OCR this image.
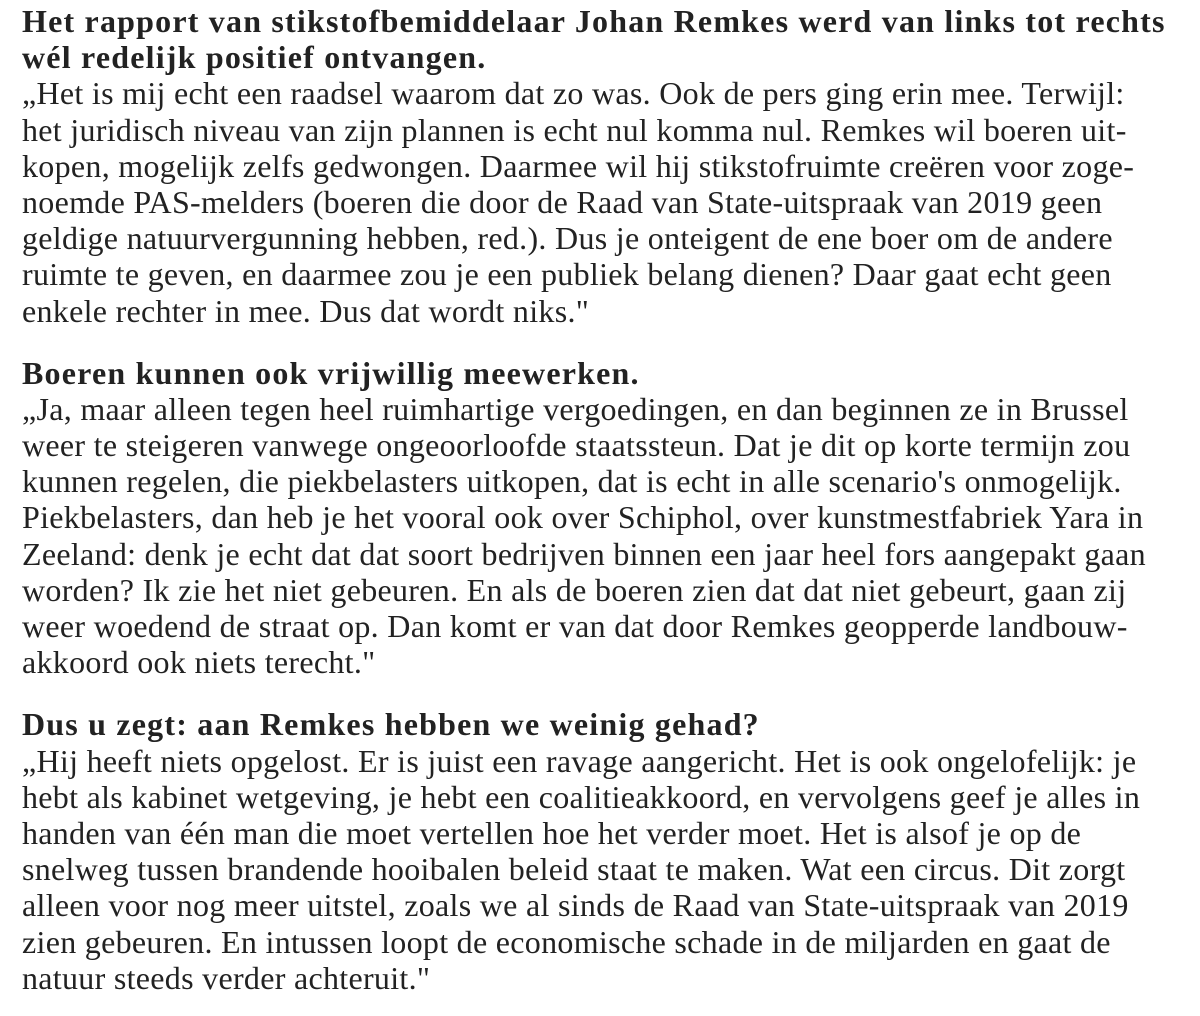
Het rapport van stikstofbemiddelaar Johan Remkes werd van links tot rechts
wél redelijk positief ontvangen.
„Het is mij echt een raadsel waarom dat zo was. Ook de pers ging erin mee. Terwijl:
het juridisch niveau van zijn plannen is echt nul komma nul. Remkes wil boeren uit-
kopen, mogelijk zelfs gedwongen. Daarmee wil hij stikstofruimte creëren voor zoge-
noemde PAS-melders (boeren die door de Raad van State-uitspraak van 2019 geen
geldige natuurvergunning hebben, red.). Dus je onteigent de ene boer om de andere
ruimte te geven, en daarmee zou je een publiek belang dienen? Daar gaat echt geen
enkele rechter in mee. Dus dat wordt niks."
Boeren kunnen ook vrijwillig meewerken.
„Ja, maar alleen tegen heel ruimhartige vergoedingen, en dan beginnen ze in Brussel
weer te steigeren vanwege ongeoorloofde staatssteun. Dat je dit op korte termijn zou
kunnen regelen, die piekbelasters uitkopen, dat is echt in alle scenario's onmogelijk.
Piekbelasters, dan heb je het vooral ook over Schiphol, over kunstmestfabriek Yara in
Zeeland: denk je echt dat dat soort bedrijven binnen een jaar heel fors aangepakt gaan
worden? Ik zie het niet gebeuren. En als de boeren zien dat dat niet gebeurt, gaan zij
weer woedend de straat op. Dan komt er van dat door Remkes geopperde landbouw-
akkoord ook niets terecht."
Dus u zegt: aan Remkes hebben we weinig gehad?
„Hij heeft niets opgelost. Er is juist een ravage aangericht. Het is ook ongelofelijk: je
hebt als kabinet wetgeving, je hebt een coalitieakkoord, en vervolgens geef je alles in
handen van één man die moet vertellen hoe het verder moet. Het is alsof je op de
snelweg tussen brandende hooibalen beleid staat te maken. Wat een circus. Dit zorgt
alleen voor nog meer uitstel, zoals we al sinds de Raad van State-uitspraak van 2019
zien gebeuren. En intussen loopt de economische schade in de miljarden en gaat de
natuur steeds verder achteruit."
